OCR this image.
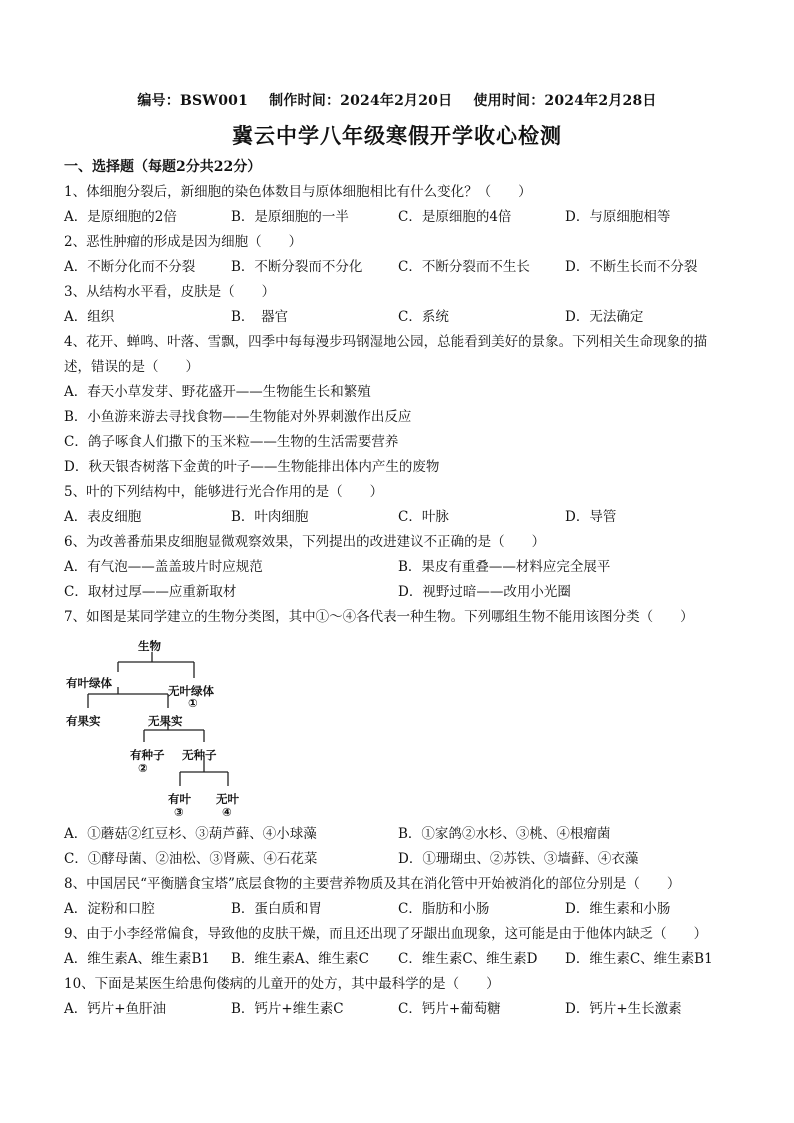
编号：BSW001 制作时间：2024年2月20日 使用时间：2024年2月28日
冀云中学八年级寒假开学收心检测
一、选择题（每题2分共22分）

1、体细胞分裂后，新细胞的染色体数目与原体细胞相比有什么变化？（　　）

A．是原细胞的2倍	B．是原细胞的一半	C．是原细胞的4倍	D．与原细胞相等

2、恶性肿瘤的形成是因为细胞（　　）

A．不断分化而不分裂	B．不断分裂而不分化	C．不断分裂而不生长	D．不断生长而不分裂

3、从结构水平看，皮肤是（　　）

A．组织	B．　器官	C．系统	D．无法确定

4、花开、蝉鸣、叶落、雪飘，四季中每每漫步玛钢湿地公园，总能看到美好的景象。下列相关生命现象的描述，错误的是（　　）

A．春天小草发芽、野花盛开——生物能生长和繁殖

B．小鱼游来游去寻找食物——生物能对外界刺激作出反应

C．鸽子啄食人们撒下的玉米粒——生物的生活需要营养

D．秋天银杏树落下金黄的叶子——生物能排出体内产生的废物

5、叶的下列结构中，能够进行光合作用的是（　　）

A．表皮细胞	B．叶肉细胞	C．叶脉	D．导管

6、为改善番茄果皮细胞显微观察效果，下列提出的改进建议不正确的是（　　）

A．有气泡——盖盖玻片时应规范	B．果皮有重叠——材料应完全展平
C．取材过厚——应重新取材	D．视野过暗——改用小光圈

7、如图是某同学建立的生物分类图，其中①～④各代表一种生物。下列哪组生物不能用该图分类（　　）

生物
有叶绿体
无叶绿体
①
有果实	无果实
有种子
②
无种子
有叶
③
无叶
④
A．①蘑菇②红豆杉、③葫芦藓、④小球藻	B．①家鸽②水杉、③桃、④根瘤菌
C．①酵母菌、②油松、③肾蕨、④石花菜	D．①珊瑚虫、②苏铁、③墙藓、④衣藻

8、中国居民“平衡膳食宝塔”底层食物的主要营养物质及其在消化管中开始被消化的部位分别是（　　）

A．淀粉和口腔	B．蛋白质和胃	C．脂肪和小肠	D．维生素和小肠

9、由于小李经常偏食，导致他的皮肤干燥，而且还出现了牙龈出血现象，这可能是由于他体内缺乏（　　）

A．维生素A、维生素B1	B．维生素A、维生素C	C．维生素C、维生素D	D．维生素C、维生素B1

10、下面是某医生给患佝偻病的儿童开的处方，其中最科学的是（　　）

A．钙片+鱼肝油	B．钙片+维生素C	C．钙片+葡萄糖	D．钙片+生长激素
